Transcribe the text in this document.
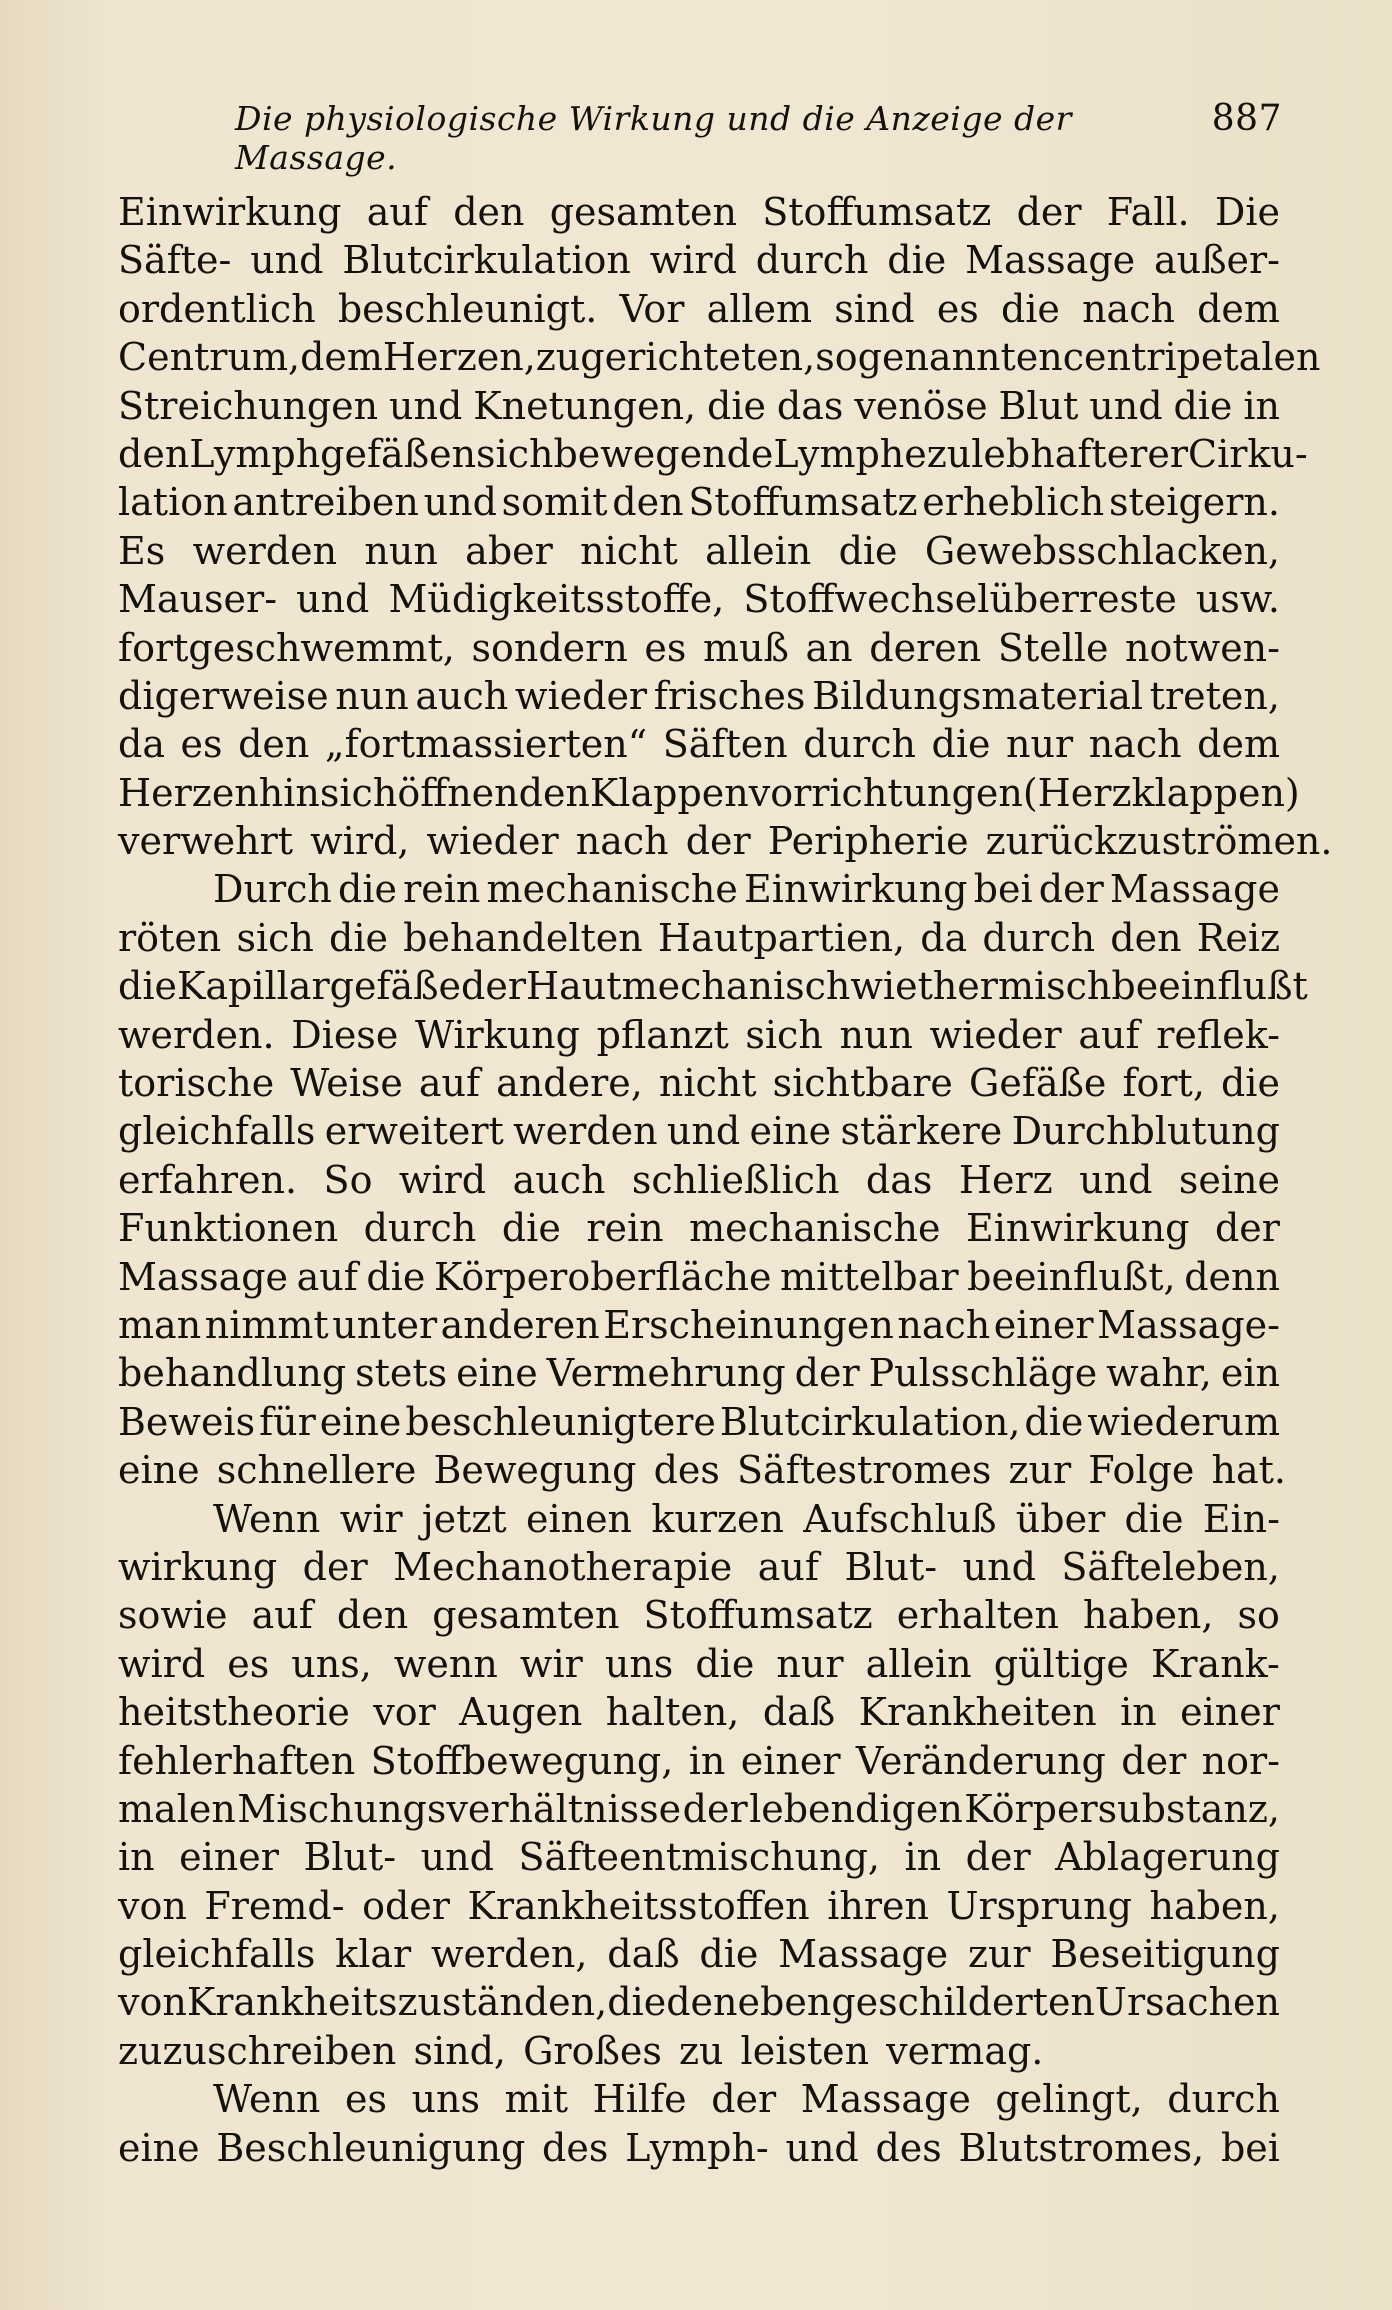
Die physiologische Wirkung und die Anzeige der Massage.
887
Einwirkung auf den gesamten Stoffumsatz der Fall. Die
Säfte- und Blutcirkulation wird durch die Massage außer-
ordentlich beschleunigt. Vor allem sind es die nach dem
Centrum, dem Herzen, zu gerichteten, sogenannten centripetalen
Streichungen und Knetungen, die das venöse Blut und die in
den Lymphgefäßen sich bewegende Lymphe zu lebhafterer Cirku-
lation antreiben und somit den Stoffumsatz erheblich steigern.
Es werden nun aber nicht allein die Gewebsschlacken,
Mauser- und Müdigkeitsstoffe, Stoffwechselüberreste usw.
fortgeschwemmt, sondern es muß an deren Stelle notwen-
digerweise nun auch wieder frisches Bildungsmaterial treten,
da es den „fortmassierten“ Säften durch die nur nach dem
Herzen hin sich öffnenden Klappenvorrichtungen (Herzklappen)
verwehrt wird, wieder nach der Peripherie zurückzuströmen.
Durch die rein mechanische Einwirkung bei der Massage
röten sich die behandelten Hautpartien, da durch den Reiz
die Kapillargefäße der Haut mechanisch wie thermisch beeinflußt
werden. Diese Wirkung pflanzt sich nun wieder auf reflek-
torische Weise auf andere, nicht sichtbare Gefäße fort, die
gleichfalls erweitert werden und eine stärkere Durchblutung
erfahren. So wird auch schließlich das Herz und seine
Funktionen durch die rein mechanische Einwirkung der
Massage auf die Körperoberfläche mittelbar beeinflußt, denn
man nimmt unter anderen Erscheinungen nach einer Massage-
behandlung stets eine Vermehrung der Pulsschläge wahr, ein
Beweis für eine beschleunigtere Blutcirkulation, die wiederum
eine schnellere Bewegung des Säftestromes zur Folge hat.
Wenn wir jetzt einen kurzen Aufschluß über die Ein-
wirkung der Mechanotherapie auf Blut- und Säfteleben,
sowie auf den gesamten Stoffumsatz erhalten haben, so
wird es uns, wenn wir uns die nur allein gültige Krank-
heitstheorie vor Augen halten, daß Krankheiten in einer
fehlerhaften Stoffbewegung, in einer Veränderung der nor-
malen Mischungsverhältnisse der lebendigen Körpersubstanz,
in einer Blut- und Säfteentmischung, in der Ablagerung
von Fremd- oder Krankheitsstoffen ihren Ursprung haben,
gleichfalls klar werden, daß die Massage zur Beseitigung
von Krankheitszuständen, die den eben geschilderten Ursachen
zuzuschreiben sind, Großes zu leisten vermag.
Wenn es uns mit Hilfe der Massage gelingt, durch
eine Beschleunigung des Lymph- und des Blutstromes, bei
